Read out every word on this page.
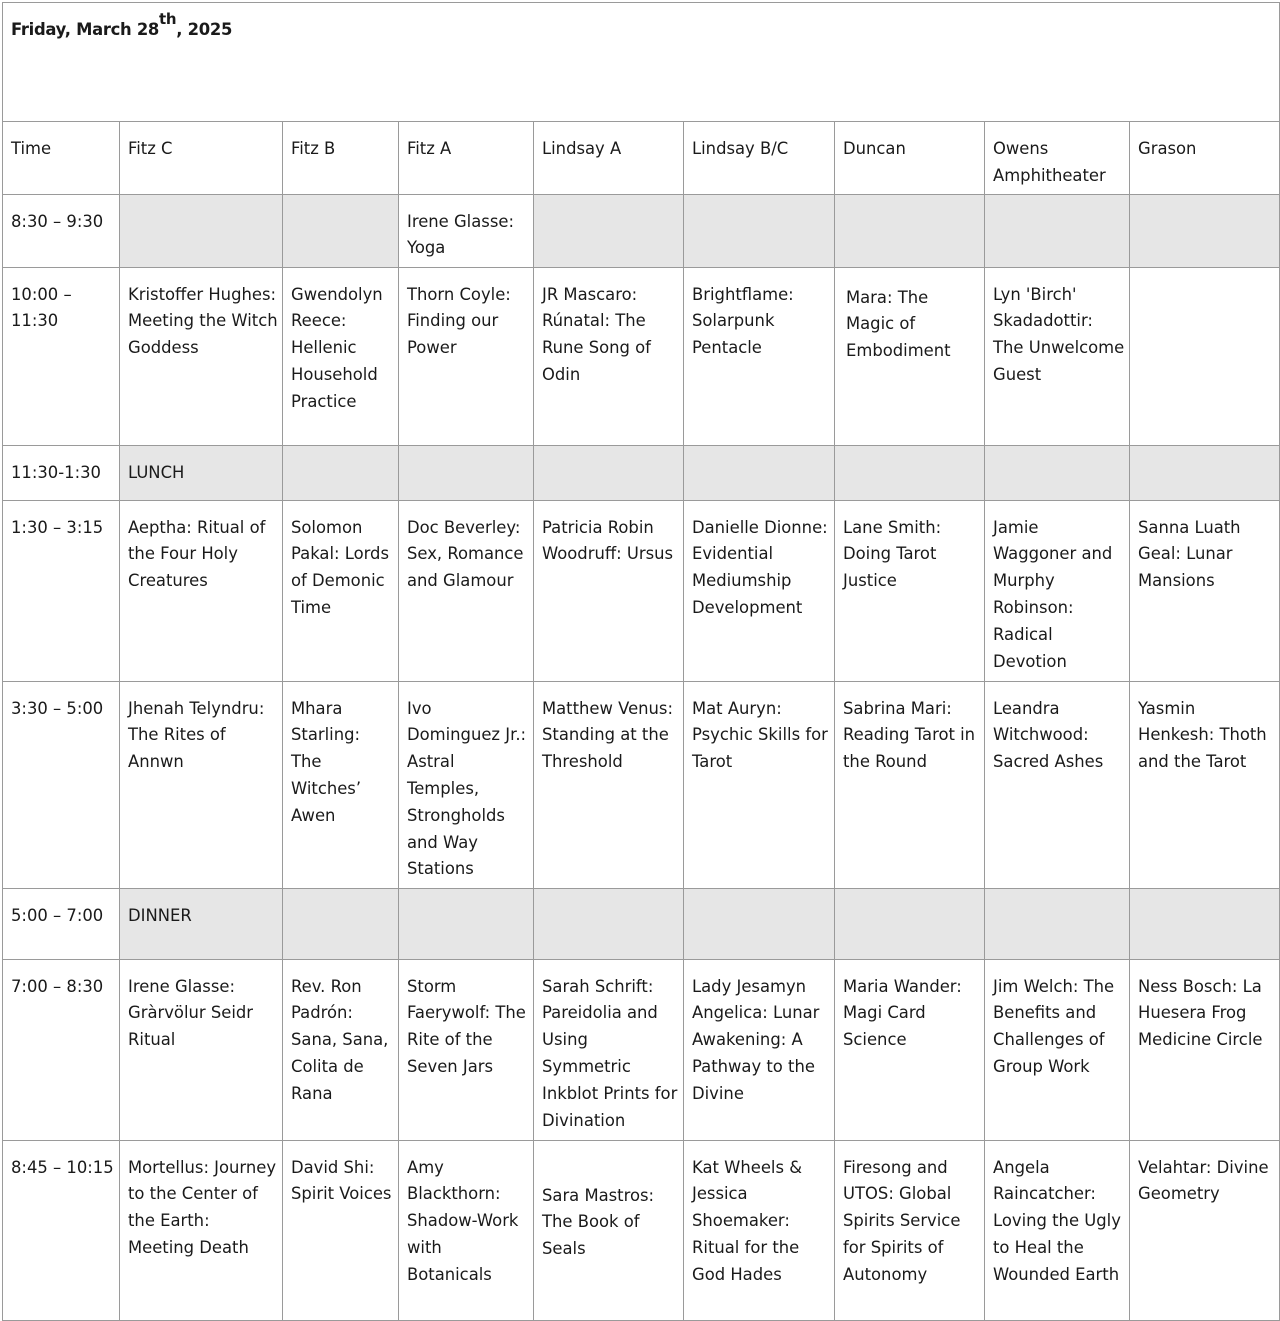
Friday, March 28th, 2025								
Time	Fitz C	Fitz B	Fitz A	Lindsay A	Lindsay B/C	Duncan	Owens Amphitheater	Grason
8:30 – 9:30			Irene Glasse: Yoga					
10:00 – 11:30	Kristoffer Hughes: Meeting the Witch Goddess	Gwendolyn Reece: Hellenic Household Practice	Thorn Coyle: Finding our Power	JR Mascaro: Rúnatal: The Rune Song of Odin	Brightflame: Solarpunk Pentacle	Mara: The Magic of Embodiment	Lyn 'Birch' Skadadottir: The Unwelcome Guest	
11:30-1:30	LUNCH							
1:30 – 3:15	Aeptha: Ritual of the Four Holy Creatures	Solomon Pakal: Lords of Demonic Time	Doc Beverley: Sex, Romance and Glamour	Patricia Robin Woodruff: Ursus	Danielle Dionne: Evidential Mediumship Development	Lane Smith: Doing Tarot Justice	Jamie Waggoner and Murphy Robinson: Radical Devotion	Sanna Luath Geal: Lunar Mansions
3:30 – 5:00	Jhenah Telyndru: The Rites of Annwn	Mhara Starling: The Witches’ Awen	Ivo Dominguez Jr.: Astral Temples, Strongholds and Way Stations	Matthew Venus: Standing at the Threshold	Mat Auryn: Psychic Skills for Tarot	Sabrina Mari: Reading Tarot in the Round	Leandra Witchwood: Sacred Ashes	Yasmin Henkesh: Thoth and the Tarot
5:00 – 7:00	DINNER							
7:00 – 8:30	Irene Glasse: Gràrvölur Seidr Ritual	Rev. Ron Padrón: Sana, Sana, Colita de Rana	Storm Faerywolf: The Rite of the Seven Jars	Sarah Schrift: Pareidolia and Using Symmetric Inkblot Prints for Divination	Lady Jesamyn Angelica: Lunar Awakening: A Pathway to the Divine	Maria Wander: Magi Card Science	Jim Welch: The Benefits and Challenges of Group Work	Ness Bosch: La Huesera Frog Medicine Circle
8:45 – 10:15	Mortellus: Journey to the Center of the Earth: Meeting Death	David Shi: Spirit Voices	Amy Blackthorn: Shadow-Work with Botanicals	Sara Mastros: The Book of Seals	Kat Wheels & Jessica Shoemaker: Ritual for the God Hades	Firesong and UTOS: Global Spirits Service for Spirits of Autonomy	Angela Raincatcher: Loving the Ugly to Heal the Wounded Earth	Velahtar: Divine Geometry
